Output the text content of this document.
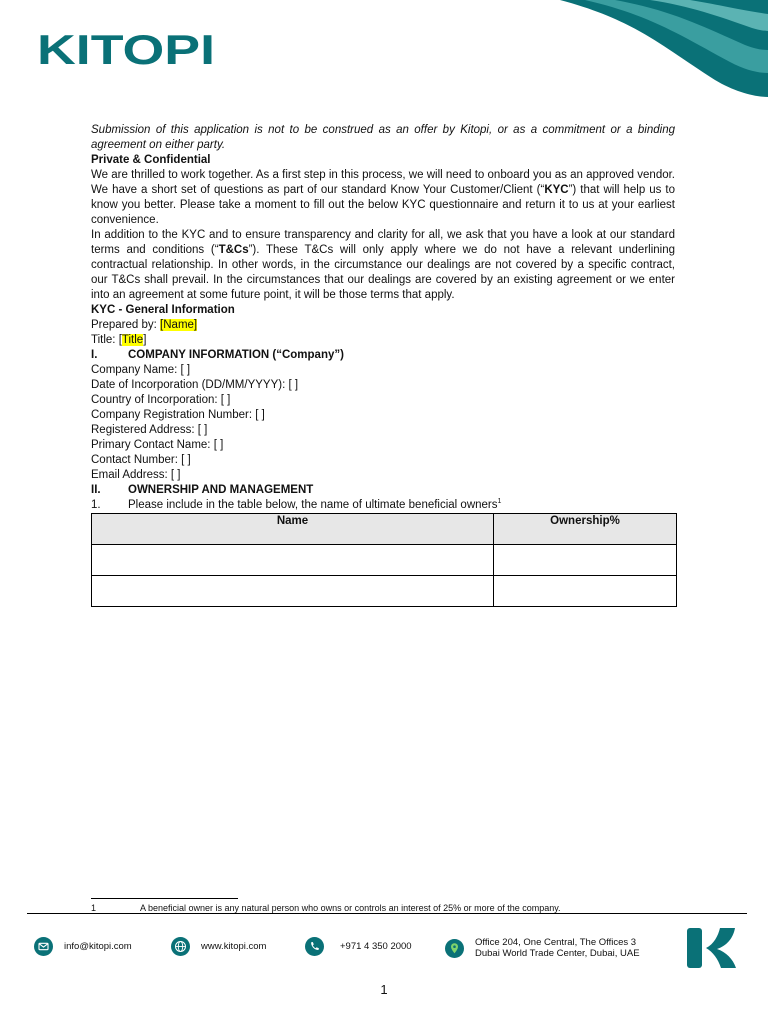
KITOPI

Submission of this application is not to be construed as an offer by Kitopi, or as a commitment or a binding agreement on either party.

Private & Confidential

We are thrilled to work together. As a first step in this process, we will need to onboard you as an approved vendor. We have a short set of questions as part of our standard Know Your Customer/Client (“KYC”) that will help us to know you better. Please take a moment to fill out the below KYC questionnaire and return it to us at your earliest convenience.

In addition to the KYC and to ensure transparency and clarity for all, we ask that you have a look at our standard terms and conditions (“T&Cs”). These T&Cs will only apply where we do not have a relevant underlining contractual relationship. In other words, in the circumstance our dealings are not covered by a specific contract, our T&Cs shall prevail. In the circumstances that our dealings are covered by an existing agreement or we enter into an agreement at some future point, it will be those terms that apply.

KYC - General Information

Prepared by: [Name]

Title: [Title]

I.	COMPANY INFORMATION (“Company”)

Company Name: [ ]

Date of Incorporation (DD/MM/YYYY): [ ]

Country of Incorporation: [ ]

Company Registration Number: [ ]

Registered Address: [ ]

Primary Contact Name: [ ]

Contact Number: [ ]

Email Address: [ ]

II. OWNERSHIP AND MANAGEMENT

1. Please include in the table below, the name of ultimate beneficial owners$^1$

Name	Ownership%

1	A beneficial owner is any natural person who owns or controls an interest of 25% or more of the company.
info@kitopi.com	www.kitopi.com	+971 4 350 2000	Office 204, One Central, The Offices 3
Dubai World Trade Center, Dubai, UAE
1
